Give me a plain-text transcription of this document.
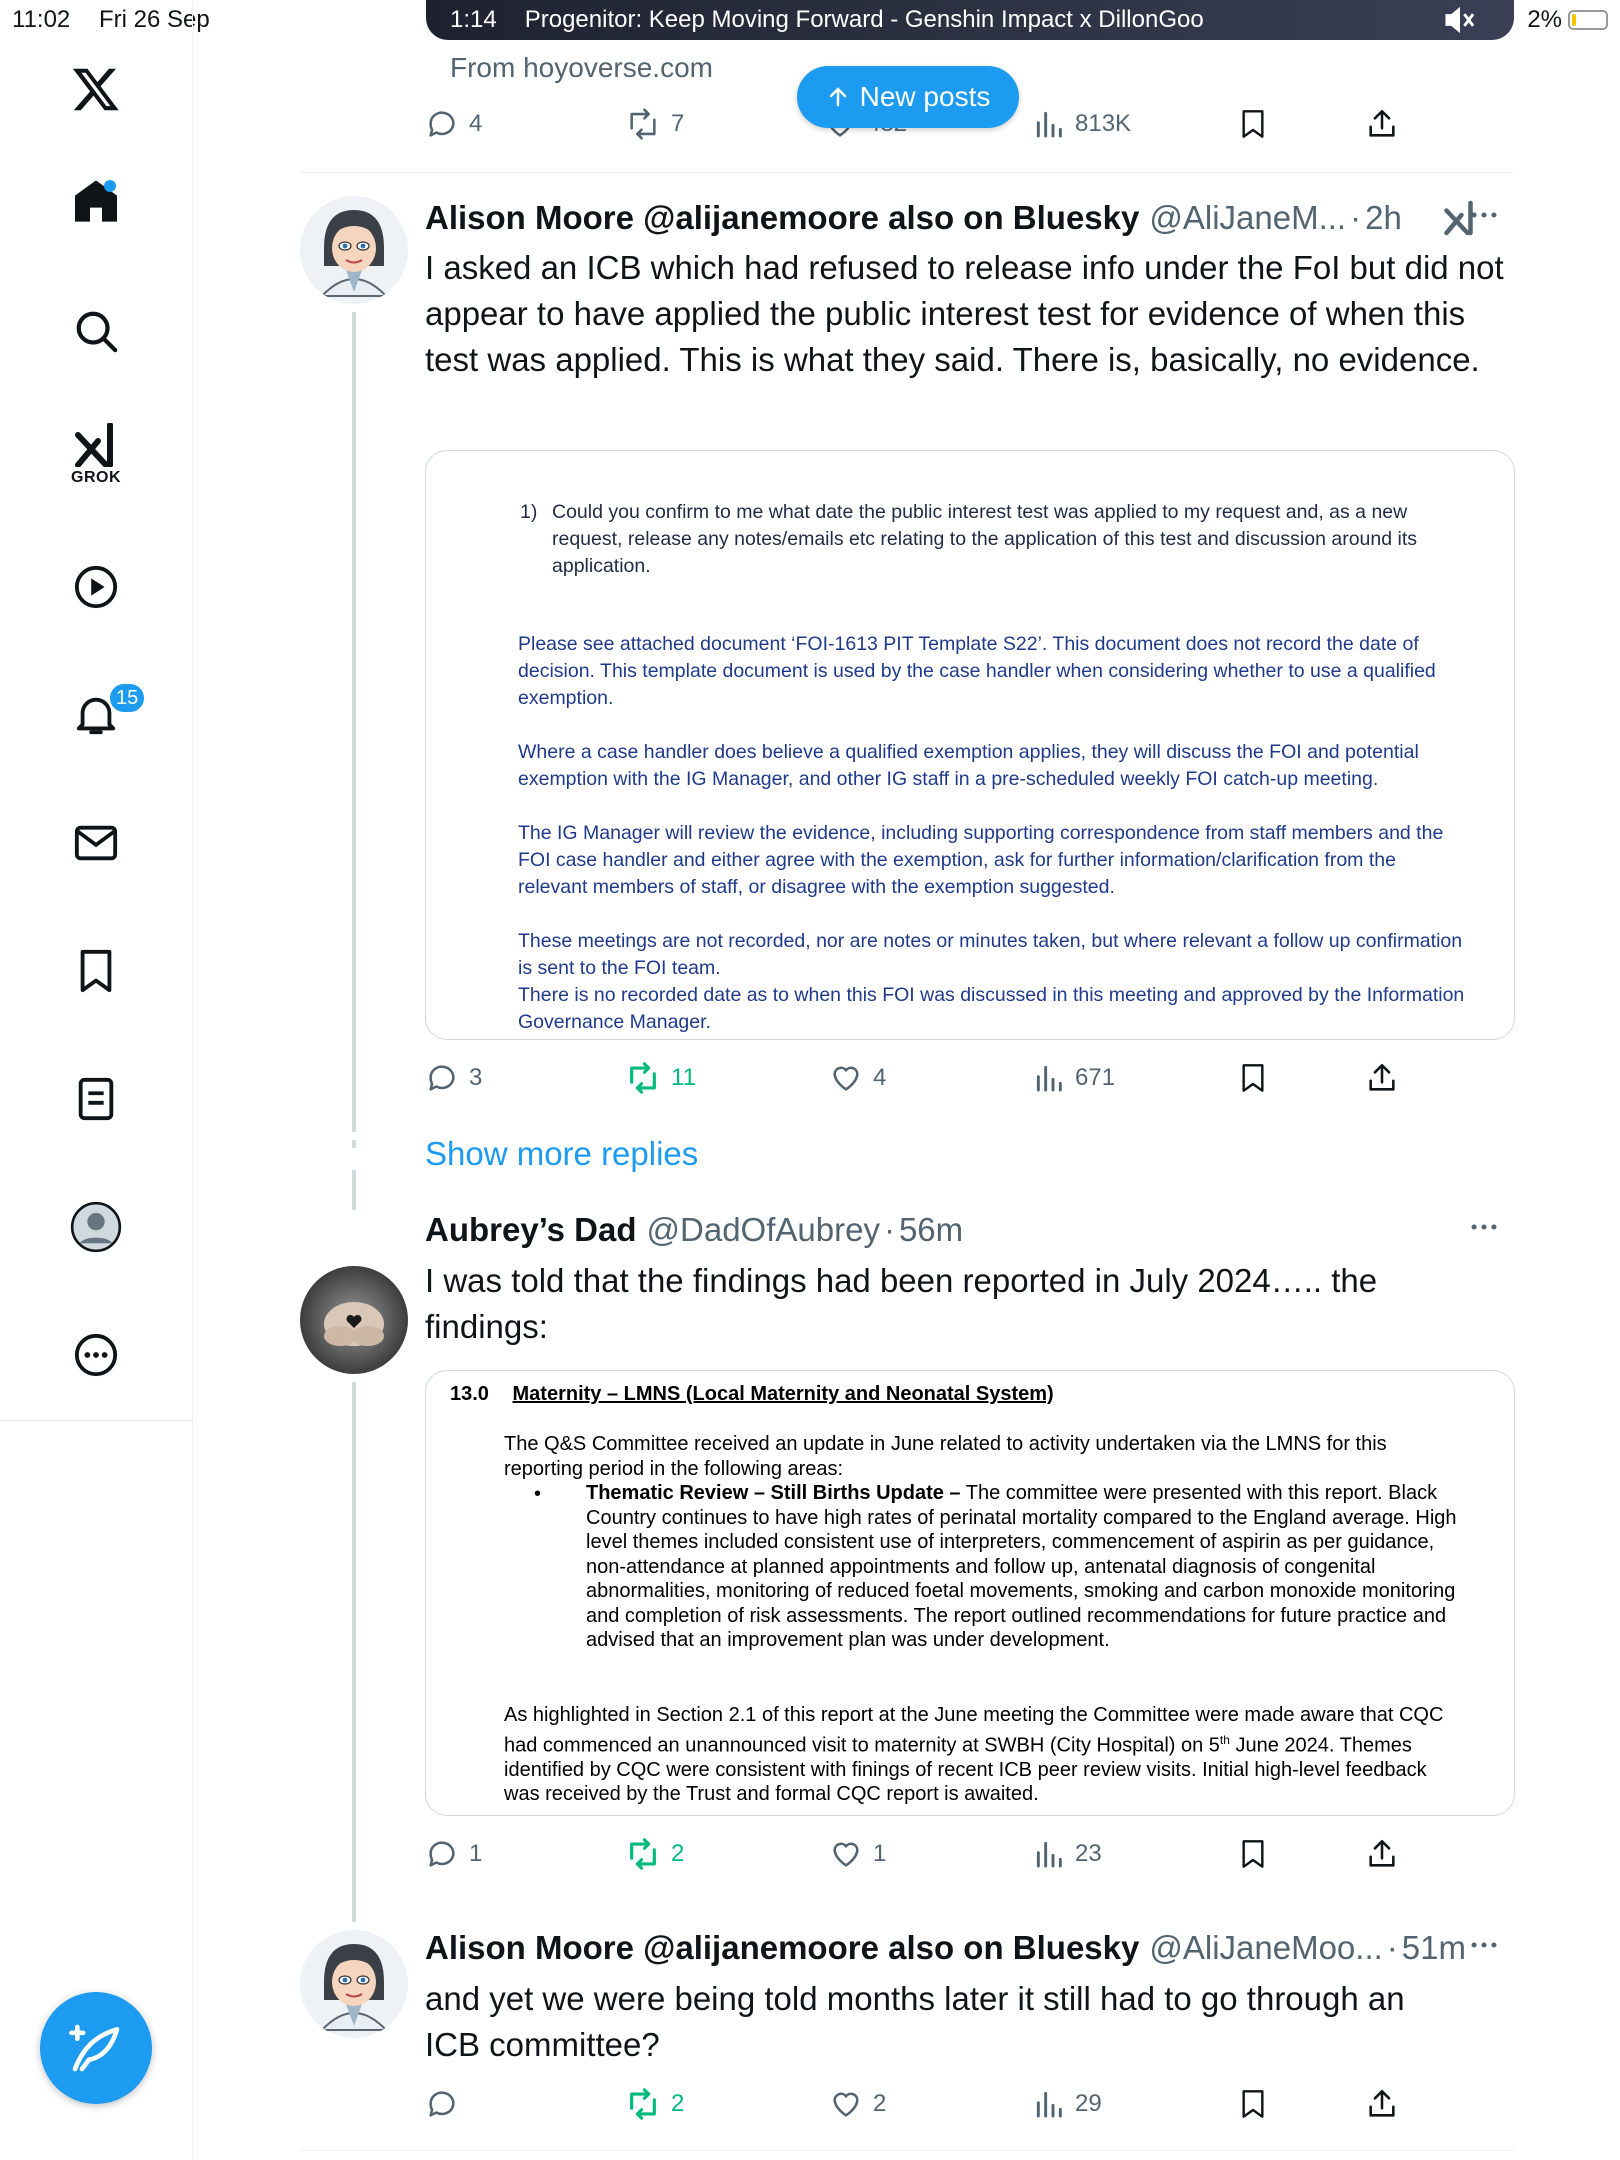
11:02 Fri 26 Sep	2%
GROK
15
1:14 Progenitor: Keep Moving Forward - Genshin Impact x DillonGoo
From hoyoverse.com
New posts
4	7	813K
Alison Moore @alijanemoore also on Bluesky @AliJaneM... · 2h
I asked an ICB which had refused to release info under the FoI but did not appear to have applied the public interest test for evidence of when this test was applied. This is what they said. There is, basically, no evidence.
1) Could you confirm to me what date the public interest test was applied to my request and, as a new request, release any notes/emails etc relating to the application of this test and discussion around its application.
Please see attached document ‘FOI-1613 PIT Template S22’. This document does not record the date of decision. This template document is used by the case handler when considering whether to use a qualified exemption.
Where a case handler does believe a qualified exemption applies, they will discuss the FOI and potential exemption with the IG Manager, and other IG staff in a pre-scheduled weekly FOI catch-up meeting.
The IG Manager will review the evidence, including supporting correspondence from staff members and the FOI case handler and either agree with the exemption, ask for further information/clarification from the relevant members of staff, or disagree with the exemption suggested.
These meetings are not recorded, nor are notes or minutes taken, but where relevant a follow up confirmation is sent to the FOI team.
There is no recorded date as to when this FOI was discussed in this meeting and approved by the Information Governance Manager.
3	11	4	671
Show more replies
Aubrey’s Dad @DadOfAubrey · 56m
I was told that the findings had been reported in July 2024….. the findings:
13.0 Maternity – LMNS (Local Maternity and Neonatal System)
The Q&S Committee received an update in June related to activity undertaken via the LMNS for this reporting period in the following areas:
• Thematic Review – Still Births Update – The committee were presented with this report. Black Country continues to have high rates of perinatal mortality compared to the England average. High level themes included consistent use of interpreters, commencement of aspirin as per guidance, non-attendance at planned appointments and follow up, antenatal diagnosis of congenital abnormalities, monitoring of reduced foetal movements, smoking and carbon monoxide monitoring and completion of risk assessments. The report outlined recommendations for future practice and advised that an improvement plan was under development.
As highlighted in Section 2.1 of this report at the June meeting the Committee were made aware that CQC had commenced an unannounced visit to maternity at SWBH (City Hospital) on 5th June 2024. Themes identified by CQC were consistent with finings of recent ICB peer review visits. Initial high-level feedback was received by the Trust and formal CQC report is awaited.
1	2	1	23
Alison Moore @alijanemoore also on Bluesky @AliJaneMoo... · 51m
and yet we were being told months later it still had to go through an ICB committee?
2	2	29
